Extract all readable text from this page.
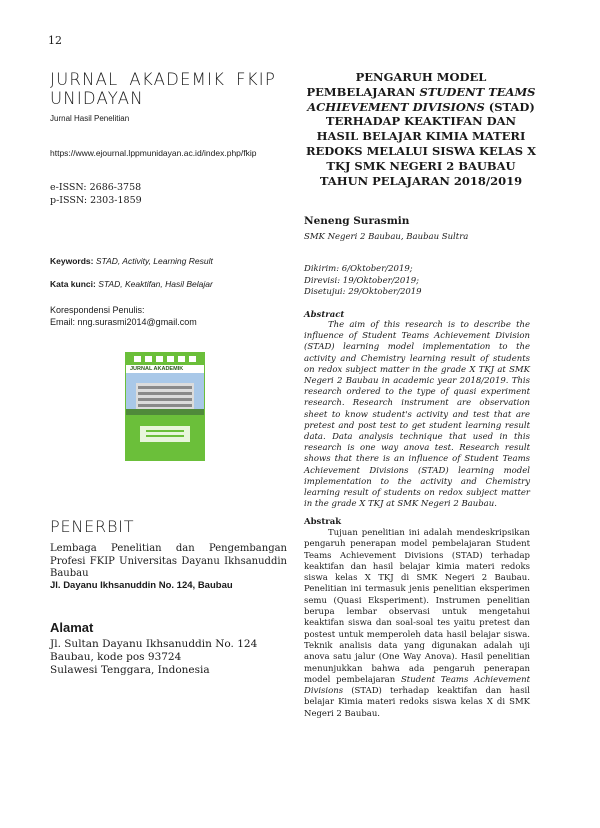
12
JURNAL AKADEMIK FKIP
UNIDAYAN
Jurnal Hasil Penelitian
https://www.ejournal.lppmunidayan.ac.id/index.php/fkip
e-ISSN: 2686-3758
p-ISSN: 2303-1859
Keywords: STAD, Activity, Learning Result
Kata kunci: STAD, Keaktifan, Hasil Belajar
Korespondensi Penulis:
Email: nng.surasmi2014@gmail.com
JURNAL AKADEMIK
PENERBIT
Lembaga Penelitian dan Pengembangan Profesi FKIP Universitas Dayanu Ikhsanuddin Baubau
Jl. Dayanu Ikhsanuddin No. 124, Baubau
Alamat
Jl. Sultan Dayanu Ikhsanuddin No. 124
Baubau, kode pos 93724
Sulawesi Tenggara, Indonesia
PENGARUH MODEL PEMBELAJARAN STUDENT TEAMS ACHIEVEMENT DIVISIONS (STAD) TERHADAP KEAKTIFAN DAN HASIL BELAJAR KIMIA MATERI REDOKS MELALUI SISWA KELAS X TKJ SMK NEGERI 2 BAUBAU TAHUN PELAJARAN 2018/2019
Neneng Surasmin
SMK Negeri 2 Baubau, Baubau Sultra
Dikirim: 6/Oktober/2019;
Direvisi: 19/Oktober/2019;
Disetujui: 29/Oktober/2019
Abstract
The aim of this research is to describe the influence of Student Teams Achievement Division (STAD) learning model implementation to the activity and Chemistry learning result of students on redox subject matter in the grade X TKJ at SMK Negeri 2 Baubau in academic year 2018/2019. This research ordered to the type of quasi experiment research. Research instrument are observation sheet to know student's activity and test that are pretest and post test to get student learning result data. Data analysis technique that used in this research is one way anova test. Research result shows that there is an influence of Student Teams Achievement Divisions (STAD) learning model implementation to the activity and Chemistry learning result of students on redox subject matter in the grade X TKJ at SMK Negeri 2 Baubau.
Abstrak
Tujuan penelitian ini adalah mendeskripsikan pengaruh penerapan model pembelajaran Student Teams Achievement Divisions (STAD) terhadap keaktifan dan hasil belajar kimia materi redoks siswa kelas X TKJ di SMK Negeri 2 Baubau. Penelitian ini termasuk jenis penelitian eksperimen semu (Quasi Eksperiment). Instrumen penelitian berupa lembar observasi untuk mengetahui keaktifan siswa dan soal-soal tes yaitu pretest dan postest untuk memperoleh data hasil belajar siswa. Teknik analisis data yang digunakan adalah uji anova satu jalur (One Way Anova). Hasil penelitian menunjukkan bahwa ada pengaruh penerapan model pembelajaran Student Teams Achievement Divisions (STAD) terhadap keaktifan dan hasil belajar Kimia materi redoks siswa kelas X di SMK Negeri 2 Baubau.
